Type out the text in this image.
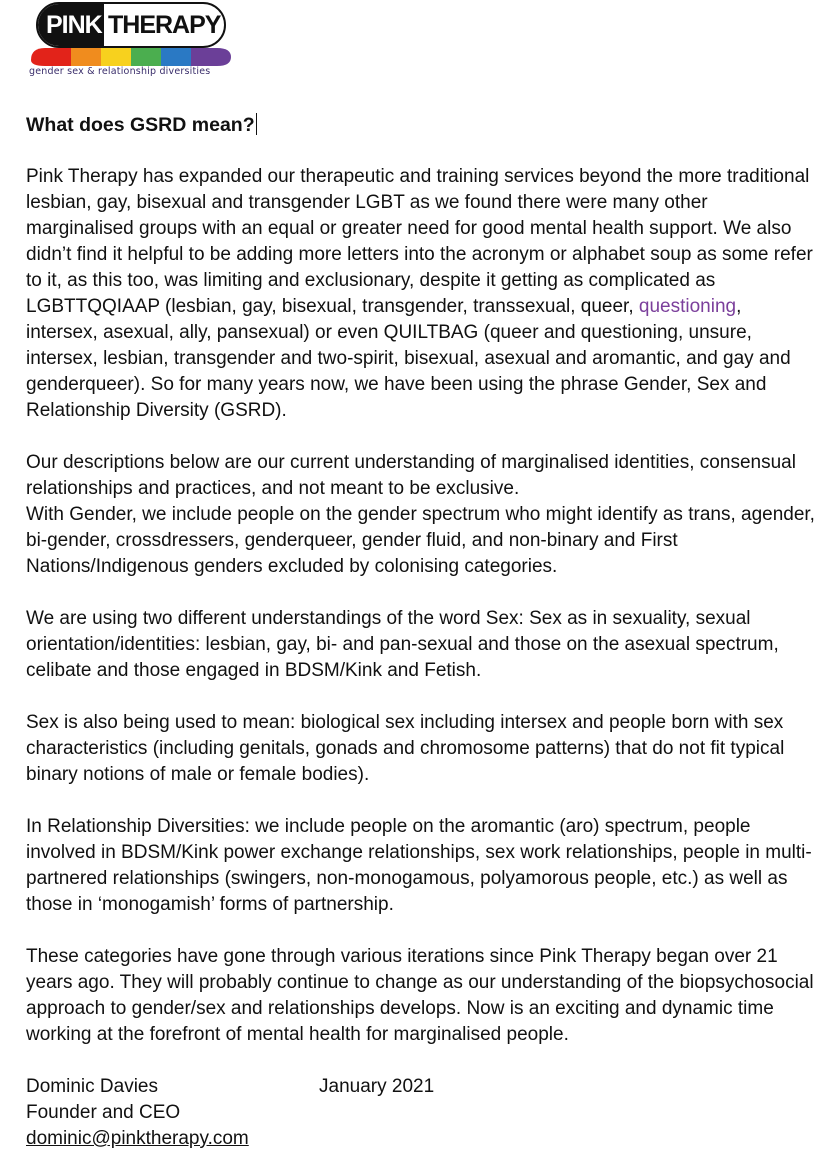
PINK THERAPY
gender sex & relationship diversities
What does GSRD mean?

Pink Therapy has expanded our therapeutic and training services beyond the more traditional lesbian, gay, bisexual and transgender LGBT as we found there were many other marginalised groups with an equal or greater need for good mental health support. We also didn’t find it helpful to be adding more letters into the acronym or alphabet soup as some refer to it, as this too, was limiting and exclusionary, despite it getting as complicated as LGBTTQQIAAP (lesbian, gay, bisexual, transgender, transsexual, queer, questioning, intersex, asexual, ally, pansexual) or even QUILTBAG (queer and questioning, unsure, intersex, lesbian, transgender and two-spirit, bisexual, asexual and aromantic, and gay and genderqueer). So for many years now, we have been using the phrase Gender, Sex and Relationship Diversity (GSRD).

Our descriptions below are our current understanding of marginalised identities, consensual relationships and practices, and not meant to be exclusive.

With Gender, we include people on the gender spectrum who might identify as trans, agender, bi-gender, crossdressers, genderqueer, gender fluid, and non-binary and First Nations/Indigenous genders excluded by colonising categories.

We are using two different understandings of the word Sex: Sex as in sexuality, sexual orientation/identities: lesbian, gay, bi- and pan-sexual and those on the asexual spectrum, celibate and those engaged in BDSM/Kink and Fetish.

Sex is also being used to mean: biological sex including intersex and people born with sex characteristics (including genitals, gonads and chromosome patterns) that do not fit typical binary notions of male or female bodies).

In Relationship Diversities: we include people on the aromantic (aro) spectrum, people involved in BDSM/Kink power exchange relationships, sex work relationships, people in multi-partnered relationships (swingers, non-monogamous, polyamorous people, etc.) as well as those in ‘monogamish’ forms of partnership.

These categories have gone through various iterations since Pink Therapy began over 21 years ago. They will probably continue to change as our understanding of the biopsychosocial approach to gender/sex and relationships develops. Now is an exciting and dynamic time working at the forefront of mental health for marginalised people.

Dominic Davies	January 2021
Founder and CEO
dominic@pinktherapy.com
